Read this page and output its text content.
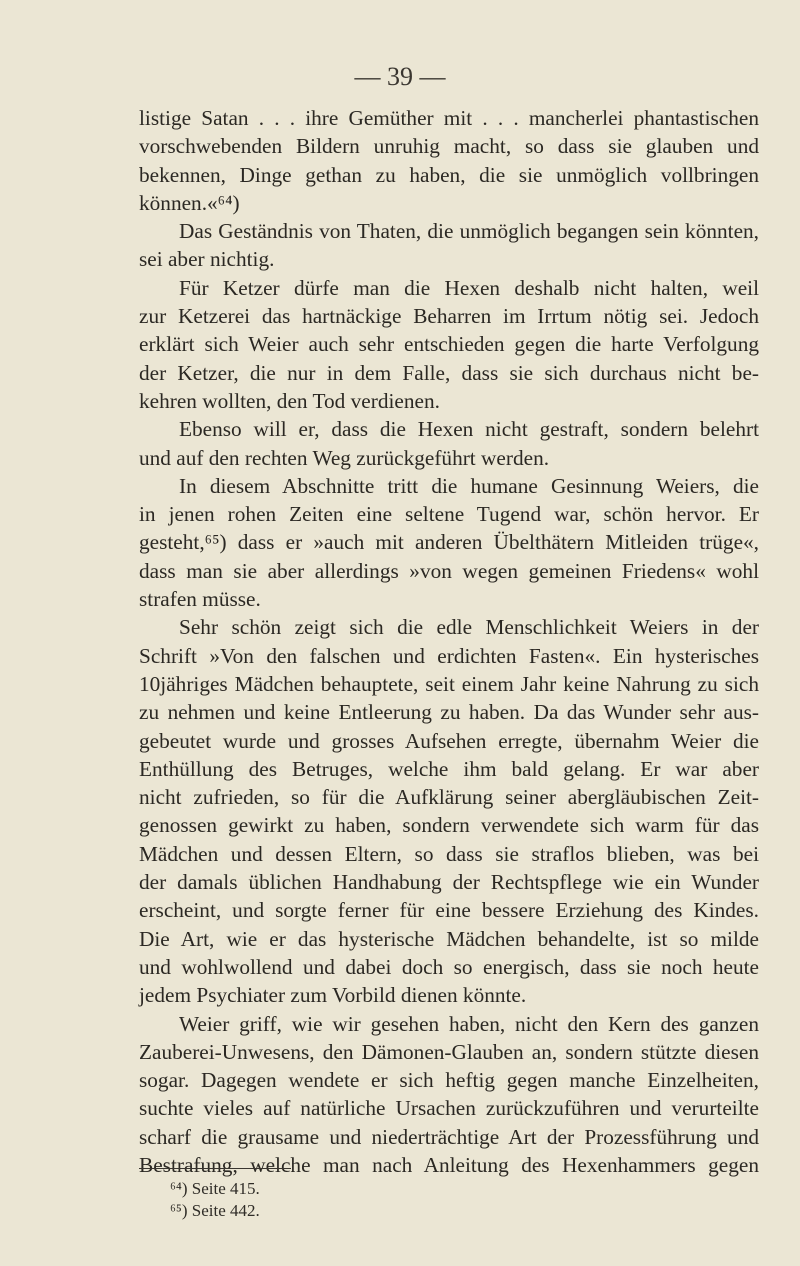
— 39 —
listige Satan . . . ihre Gemüther mit . . . mancherlei phantastischen
vorschwebenden Bildern unruhig macht, so dass sie glauben und
bekennen, Dinge gethan zu haben, die sie unmöglich vollbringen
können.«⁶⁴)
Das Geständnis von Thaten, die unmöglich begangen sein könnten,
sei aber nichtig.
Für Ketzer dürfe man die Hexen deshalb nicht halten, weil
zur Ketzerei das hartnäckige Beharren im Irrtum nötig sei. Jedoch
erklärt sich Weier auch sehr entschieden gegen die harte Verfolgung
der Ketzer, die nur in dem Falle, dass sie sich durchaus nicht be-
kehren wollten, den Tod verdienen.
Ebenso will er, dass die Hexen nicht gestraft, sondern belehrt
und auf den rechten Weg zurückgeführt werden.
In diesem Abschnitte tritt die humane Gesinnung Weiers, die
in jenen rohen Zeiten eine seltene Tugend war, schön hervor. Er
gesteht,⁶⁵) dass er »auch mit anderen Übelthätern Mitleiden trüge«,
dass man sie aber allerdings »von wegen gemeinen Friedens« wohl
strafen müsse.
Sehr schön zeigt sich die edle Menschlichkeit Weiers in der
Schrift »Von den falschen und erdichten Fasten«. Ein hysterisches
10jähriges Mädchen behauptete, seit einem Jahr keine Nahrung zu sich
zu nehmen und keine Entleerung zu haben. Da das Wunder sehr aus-
gebeutet wurde und grosses Aufsehen erregte, übernahm Weier die
Enthüllung des Betruges, welche ihm bald gelang. Er war aber
nicht zufrieden, so für die Aufklärung seiner abergläubischen Zeit-
genossen gewirkt zu haben, sondern verwendete sich warm für das
Mädchen und dessen Eltern, so dass sie straflos blieben, was bei
der damals üblichen Handhabung der Rechtspflege wie ein Wunder
erscheint, und sorgte ferner für eine bessere Erziehung des Kindes.
Die Art, wie er das hysterische Mädchen behandelte, ist so milde
und wohlwollend und dabei doch so energisch, dass sie noch heute
jedem Psychiater zum Vorbild dienen könnte.
Weier griff, wie wir gesehen haben, nicht den Kern des ganzen
Zauberei-Unwesens, den Dämonen-Glauben an, sondern stützte diesen
sogar. Dagegen wendete er sich heftig gegen manche Einzelheiten,
suchte vieles auf natürliche Ursachen zurückzuführen und verurteilte
scharf die grausame und niederträchtige Art der Prozessführung und
Bestrafung, welche man nach Anleitung des Hexenhammers gegen
⁶⁴) Seite 415.
⁶⁵) Seite 442.
